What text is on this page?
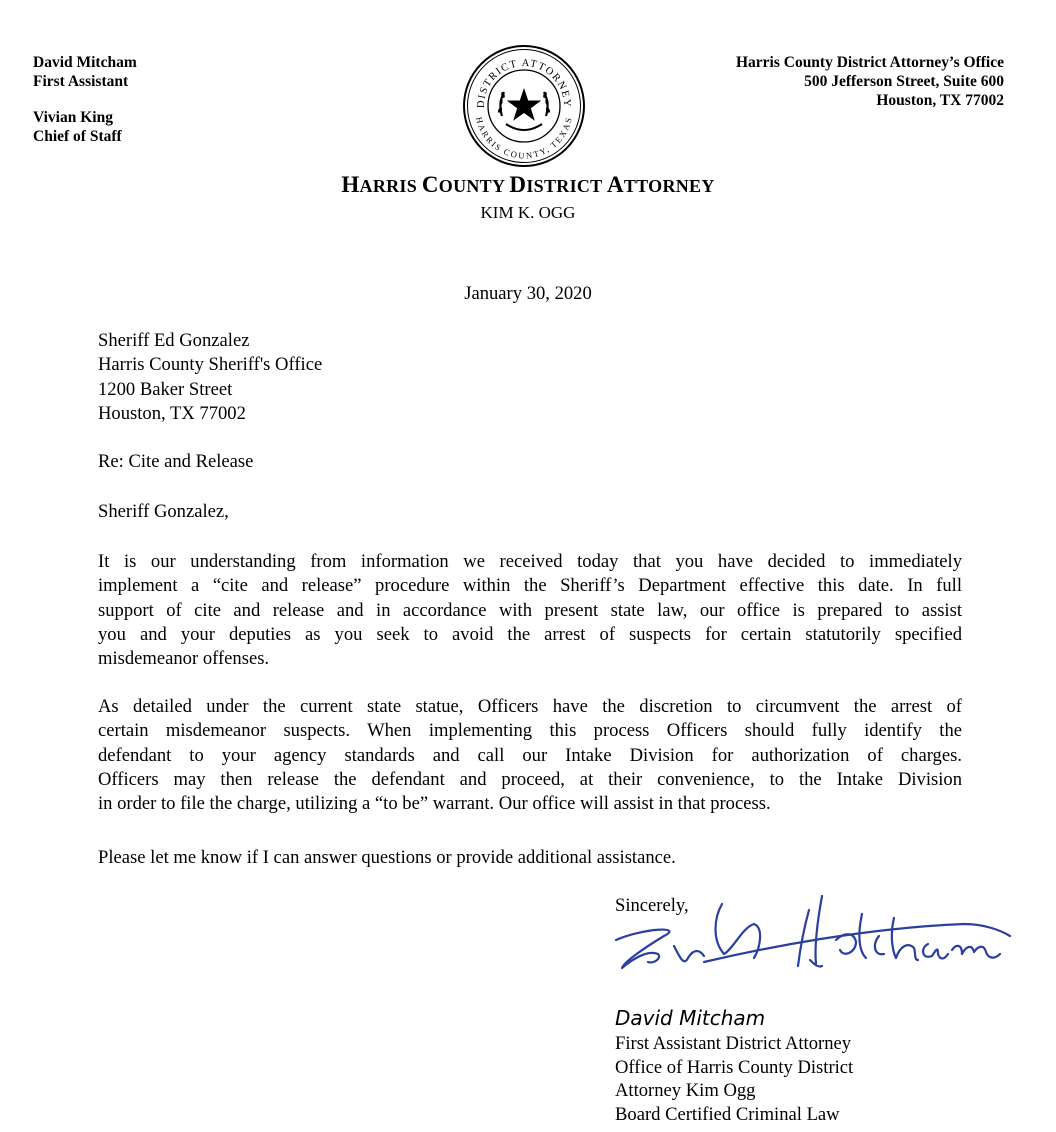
David Mitcham
First Assistant
Vivian King
Chief of Staff
Harris County District Attorney’s Office
500 Jefferson Street, Suite 600
Houston, TX 77002
DISTRICT ATTORNEY
HARRIS COUNTY, TEXAS
HARRIS COUNTY DISTRICT ATTORNEY
KIM K. OGG
January 30, 2020
Sheriff Ed Gonzalez
Harris County Sheriff's Office
1200 Baker Street
Houston, TX 77002
Re: Cite and Release
Sheriff Gonzalez,
It is our understanding from information we received today that you have decided to immediately
implement a “cite and release” procedure within the Sheriff’s Department effective this date. In full
support of cite and release and in accordance with present state law, our office is prepared to assist
you and your deputies as you seek to avoid the arrest of suspects for certain statutorily specified
misdemeanor offenses.
As detailed under the current state statue, Officers have the discretion to circumvent the arrest of
certain misdemeanor suspects. When implementing this process Officers should fully identify the
defendant to your agency standards and call our Intake Division for authorization of charges.
Officers may then release the defendant and proceed, at their convenience, to the Intake Division
in order to file the charge, utilizing a “to be” warrant. Our office will assist in that process.
Please let me know if I can answer questions or provide additional assistance.
Sincerely,
David Mitcham
First Assistant District Attorney
Office of Harris County District
Attorney Kim Ogg
Board Certified Criminal Law
